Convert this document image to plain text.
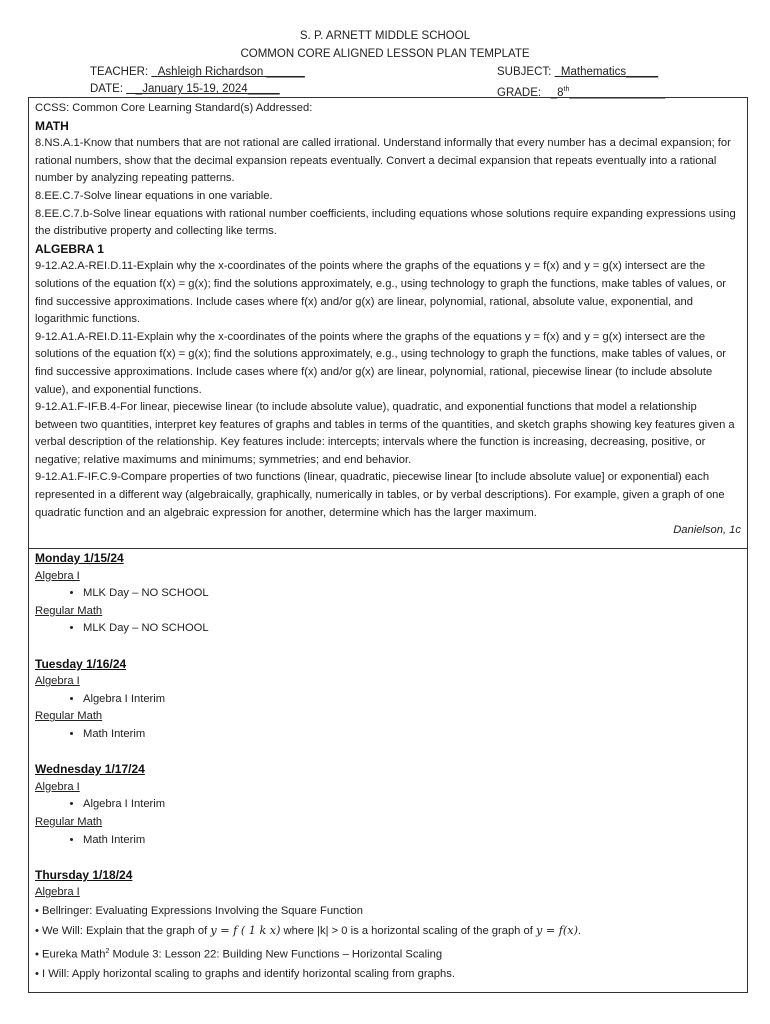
S. P. ARNETT MIDDLE SCHOOL
COMMON CORE ALIGNED LESSON PLAN TEMPLATE
TEACHER: Ashleigh Richardson ______
DATE:    _January 15-19, 2024_____
SUBJECT: Mathematics_____
GRADE:   _8th_______________

CCSS: Common Core Learning Standard(s) Addressed:

MATH

8.NS.A.1-Know that numbers that are not rational are called irrational. Understand informally that every number has a decimal expansion; for rational numbers, show that the decimal expansion repeats eventually. Convert a decimal expansion that repeats eventually into a rational number by analyzing repeating patterns.

8.EE.C.7-Solve linear equations in one variable.

8.EE.C.7.b-Solve linear equations with rational number coefficients, including equations whose solutions require expanding expressions using the distributive property and collecting like terms.

ALGEBRA 1

9-12.A2.A-REI.D.11-Explain why the x-coordinates of the points where the graphs of the equations y = f(x) and y = g(x) intersect are the solutions of the equation f(x) = g(x); find the solutions approximately, e.g., using technology to graph the functions, make tables of values, or find successive approximations. Include cases where f(x) and/or g(x) are linear, polynomial, rational, absolute value, exponential, and logarithmic functions.

9-12.A1.A-REI.D.11-Explain why the x-coordinates of the points where the graphs of the equations y = f(x) and y = g(x) intersect are the solutions of the equation f(x) = g(x); find the solutions approximately, e.g., using technology to graph the functions, make tables of values, or find successive approximations. Include cases where f(x) and/or g(x) are linear, polynomial, rational, piecewise linear (to include absolute value), and exponential functions.

9-12.A1.F-IF.B.4-For linear, piecewise linear (to include absolute value), quadratic, and exponential functions that model a relationship between two quantities, interpret key features of graphs and tables in terms of the quantities, and sketch graphs showing key features given a verbal description of the relationship. Key features include: intercepts; intervals where the function is increasing, decreasing, positive, or negative; relative maximums and minimums; symmetries; and end behavior.

9-12.A1.F-IF.C.9-Compare properties of two functions (linear, quadratic, piecewise linear [to include absolute value] or exponential) each represented in a different way (algebraically, graphically, numerically in tables, or by verbal descriptions). For example, given a graph of one quadratic function and an algebraic expression for another, determine which has the larger maximum.

Danielson, 1c

Monday 1/15/24

Algebra I

• MLK Day – NO SCHOOL

Regular Math

• MLK Day – NO SCHOOL

Tuesday 1/16/24

Algebra I

• Algebra I Interim

Regular Math

• Math Interim

Wednesday 1/17/24

Algebra I

• Algebra I Interim

Regular Math

• Math Interim

Thursday 1/18/24

Algebra I

• Bellringer: Evaluating Expressions Involving the Square Function

• We Will: Explain that the graph of y = f ( 1 k x) where |k| > 0 is a horizontal scaling of the graph of y = f(x).

• Eureka Math$^2$ Module 3: Lesson 22: Building New Functions – Horizontal Scaling

• I Will: Apply horizontal scaling to graphs and identify horizontal scaling from graphs.
